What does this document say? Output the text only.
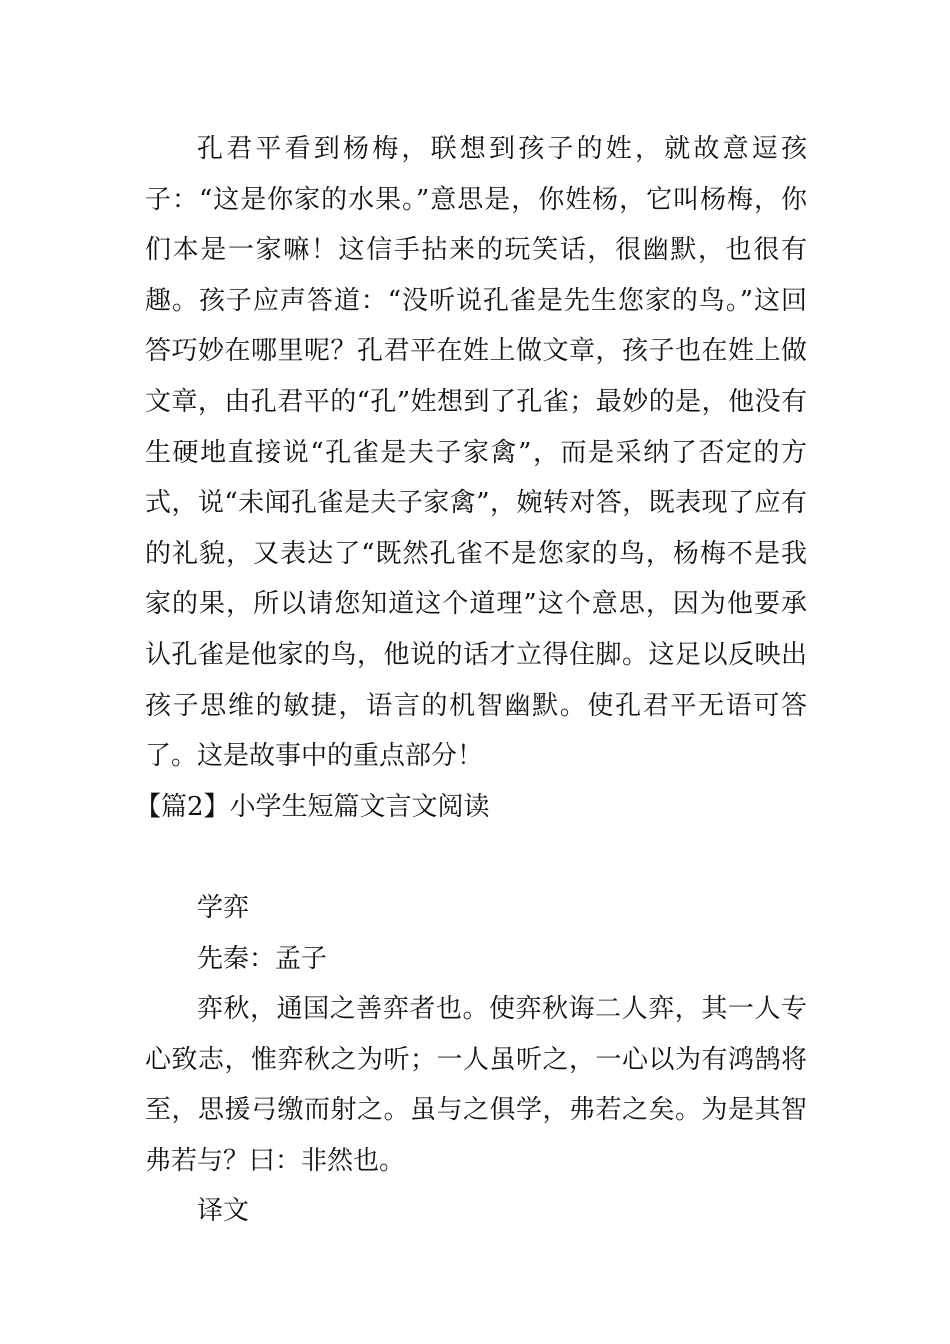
孔君平看到杨梅，联想到孩子的姓，就故意逗孩子：“这是你家的水果。”意思是，你姓杨，它叫杨梅，你们本是一家嘛！这信手拈来的玩笑话，很幽默，也很有趣。孩子应声答道：“没听说孔雀是先生您家的鸟。”这回答巧妙在哪里呢？孔君平在姓上做文章，孩子也在姓上做文章，由孔君平的“孔”姓想到了孔雀；最妙的是，他没有生硬地直接说“孔雀是夫子家禽”，而是采纳了否定的方式，说“未闻孔雀是夫子家禽”，婉转对答，既表现了应有的礼貌，又表达了“既然孔雀不是您家的鸟，杨梅不是我家的果，所以请您知道这个道理”这个意思，因为他要承认孔雀是他家的鸟，他说的话才立得住脚。这足以反映出孩子思维的敏捷，语言的机智幽默。使孔君平无语可答了。这是故事中的重点部分！

【篇2】小学生短篇文言文阅读

学弈

先秦：孟子

弈秋，通国之善弈者也。使弈秋诲二人弈，其一人专心致志，惟弈秋之为听；一人虽听之，一心以为有鸿鹄将至，思援弓缴而射之。虽与之俱学，弗若之矣。为是其智弗若与？曰：非然也。

译文
